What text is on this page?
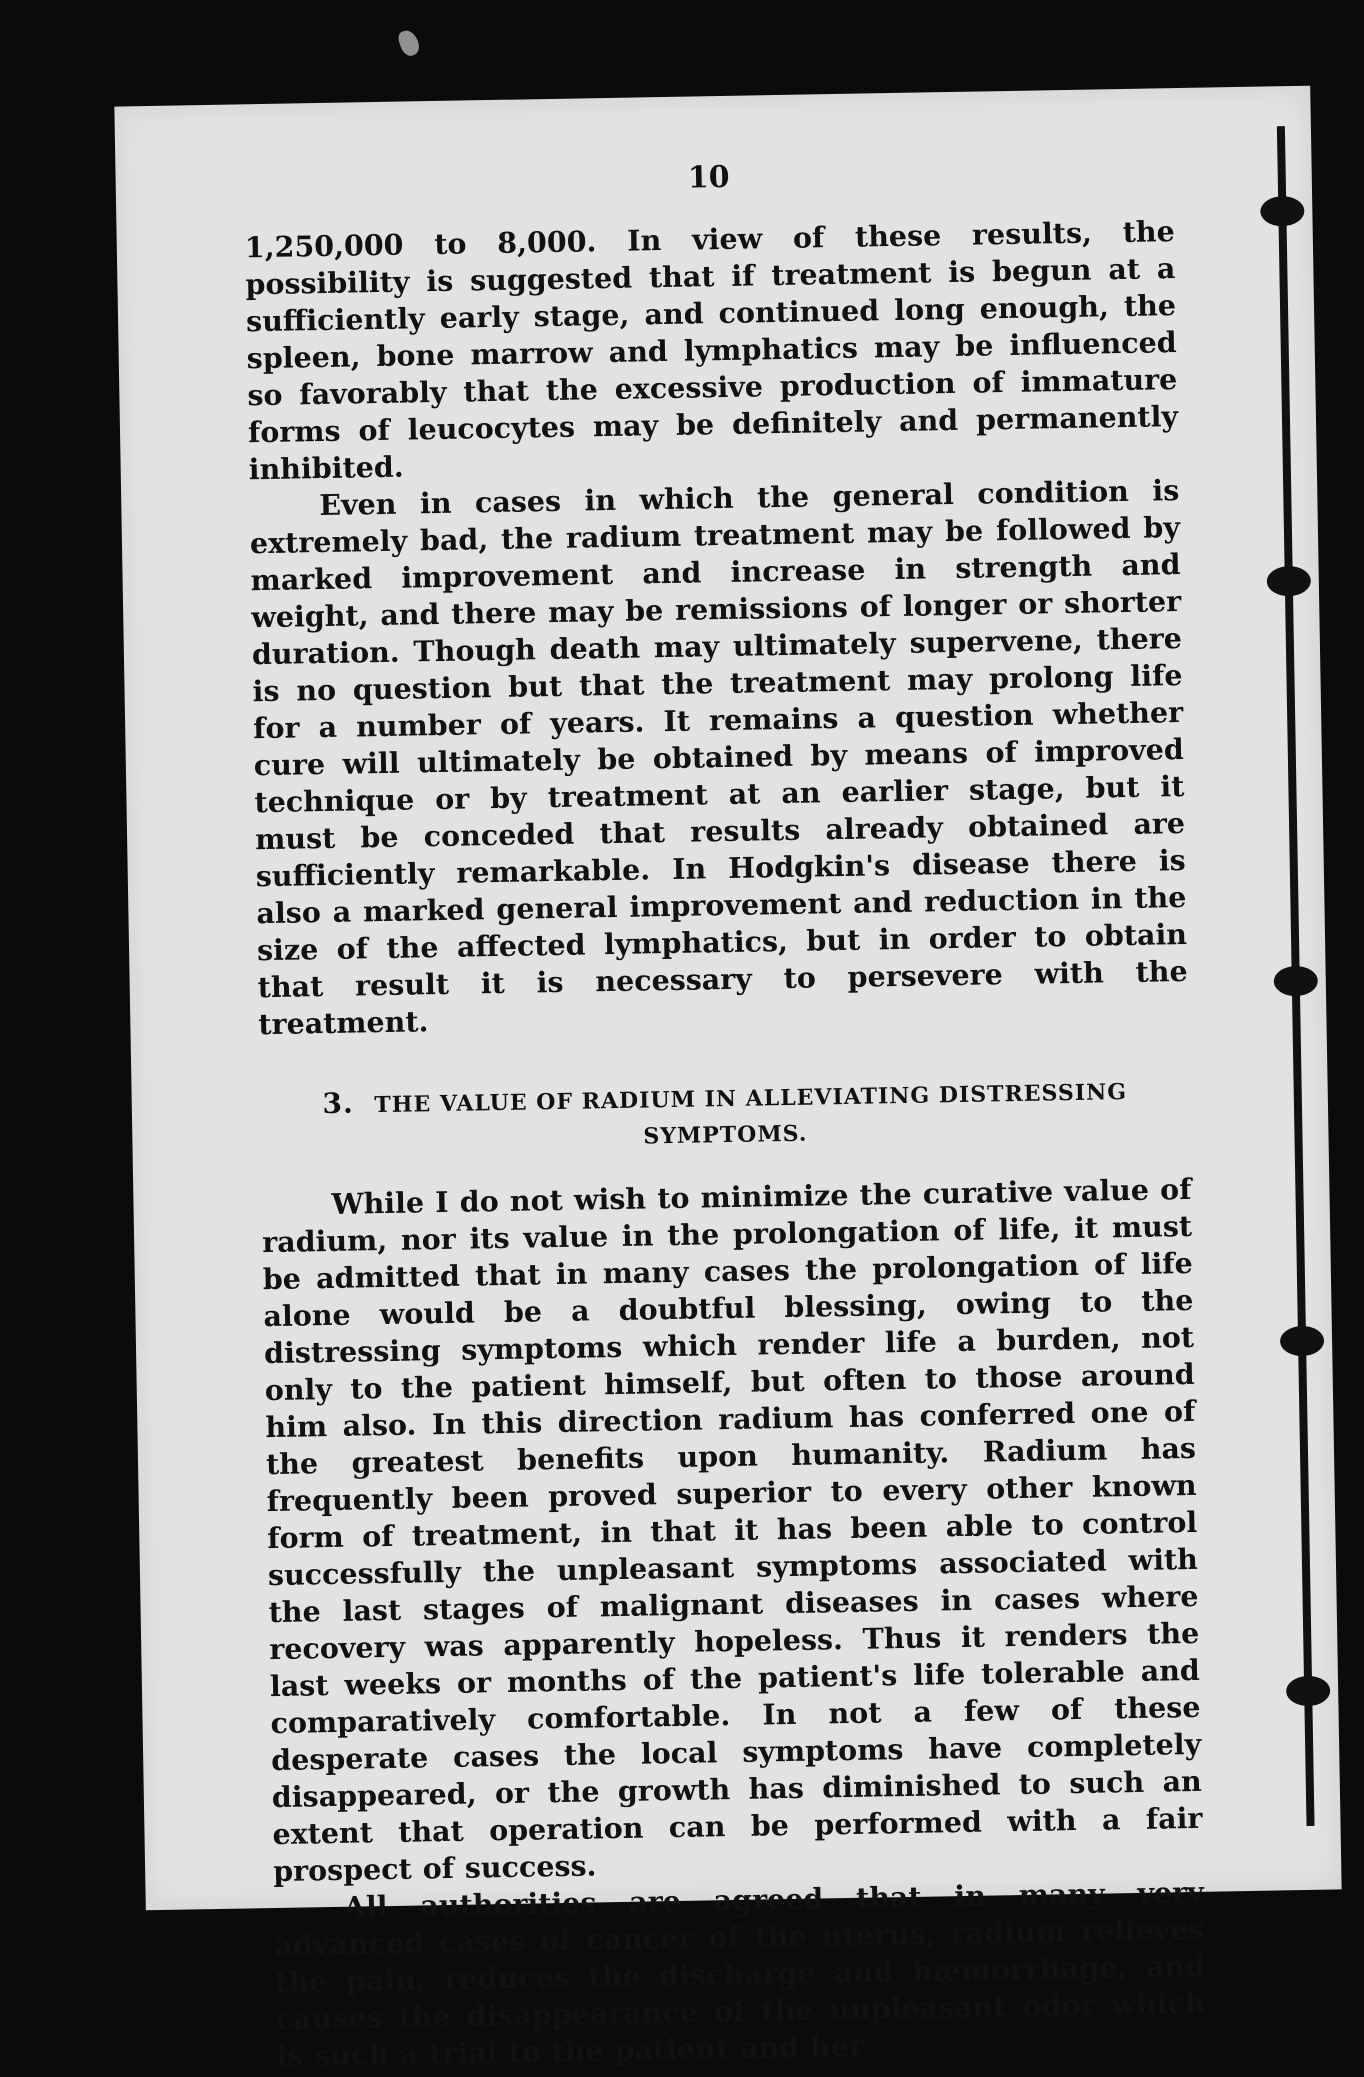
10

1,250,000 to 8,000. In view of these results, the possibility is suggested that if treatment is begun at a sufficiently early stage, and continued long enough, the spleen, bone marrow and lymphatics may be influenced so favorably that the excessive production of immature forms of leucocytes may be definitely and permanently inhibited.

Even in cases in which the general condition is extremely bad, the radium treatment may be followed by marked improvement and increase in strength and weight, and there may be remissions of longer or shorter duration. Though death may ultimately supervene, there is no question but that the treatment may prolong life for a number of years. It remains a question whether cure will ultimately be obtained by means of improved technique or by treatment at an earlier stage, but it must be conceded that results already obtained are sufficiently remarkable. In Hodgkin's disease there is also a marked general improvement and reduction in the size of the affected lymphatics, but in order to obtain that result it is necessary to persevere with the treatment.

3. THE VALUE OF RADIUM IN ALLEVIATING DISTRESSING
SYMPTOMS.

While I do not wish to minimize the curative value of radium, nor its value in the prolongation of life, it must be admitted that in many cases the prolongation of life alone would be a doubtful blessing, owing to the distressing symptoms which render life a burden, not only to the patient himself, but often to those around him also. In this direction radium has conferred one of the greatest benefits upon humanity. Radium has frequently been proved superior to every other known form of treatment, in that it has been able to control successfully the unpleasant symptoms associated with the last stages of malignant diseases in cases where recovery was apparently hopeless. Thus it renders the last weeks or months of the patient's life tolerable and comparatively comfortable. In not a few of these desperate cases the local symptoms have completely disappeared, or the growth has diminished to such an extent that operation can be performed with a fair prospect of success.

All authorities are agreed that in many very advanced cases of cancer of the uterus, radium relieves the pain, reduces the discharge and hæmorrhage, and causes the disappearance of the unpleasant odor which is such a trial to the patient and her
